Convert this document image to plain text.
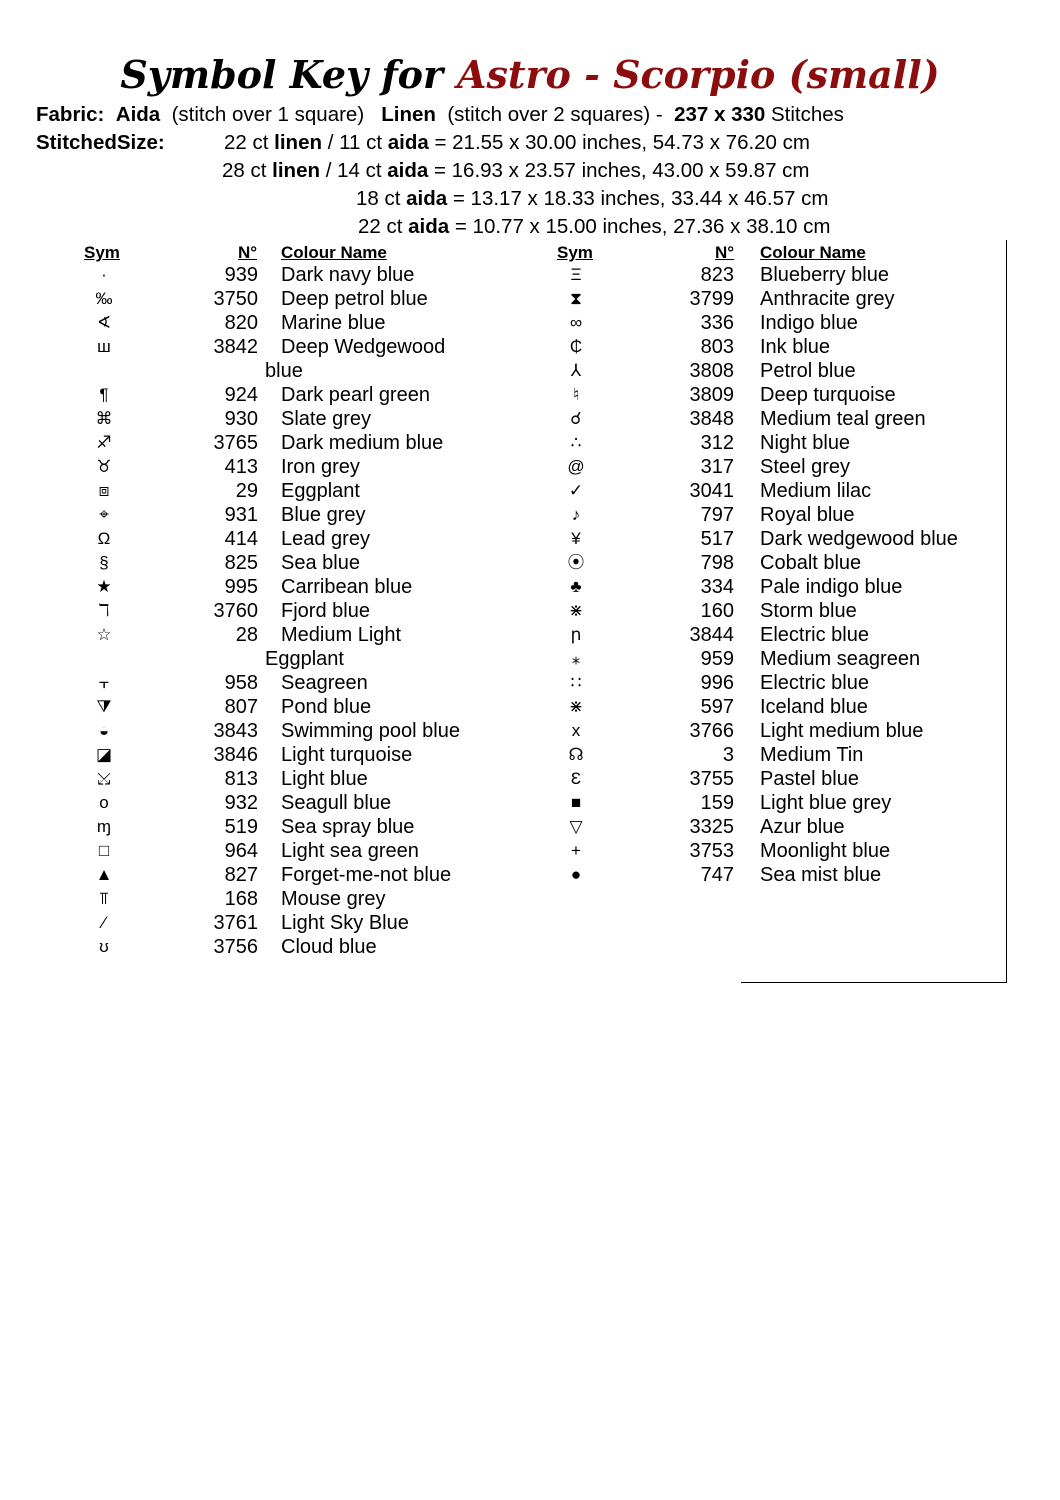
Symbol Key for Astro - Scorpio (small)
Fabric: Aida (stitch over 1 square) Linen (stitch over 2 squares) - 237 x 330 Stitches
StitchedSize:	22 ct linen / 11 ct aida = 21.55 x 30.00 inches, 54.73 x 76.20 cm
28 ct linen / 14 ct aida = 16.93 x 23.57 inches, 43.00 x 59.87 cm
18 ct aida = 13.17 x 18.33 inches, 33.44 x 46.57 cm
22 ct aida = 10.77 x 15.00 inches, 27.36 x 38.10 cm
Sym	N° Colour Name	Sym	N° Colour Name
·	939 Dark navy blue
‰	3750 Deep petrol blue
∢	820 Marine blue
ш	3842 Deep Wedgewood
blue
¶	924 Dark pearl green
⌘	930 Slate grey
♐	3765 Dark medium blue
♉	413 Iron grey
⧈	29 Eggplant
⌖	931 Blue grey
Ω	414 Lead grey
§	825 Sea blue
★	995 Carribean blue
ℸ	3760 Fjord blue
☆	28 Medium Light
Eggplant
⫟	958 Seagreen
⧩	807 Pond blue
◒	3843 Swimming pool blue
◪	3846 Light turquoise
⤩	813 Light blue
o	932 Seagull blue
ɱ	519 Sea spray blue
□	964 Light sea green
▲	827 Forget-me-not blue
⫪	168 Mouse grey
⁄	3761 Light Sky Blue
ʊ	3756 Cloud blue
Ξ	823 Blueberry blue
⧗	3799 Anthracite grey
∞	336 Indigo blue
₵	803 Ink blue
⅄	3808 Petrol blue
♮	3809 Deep turquoise
☌	3848 Medium teal green
∴	312 Night blue
@	317 Steel grey
✓	3041 Medium lilac
♪	797 Royal blue
¥	517 Dark wedgewood blue
⦿	798 Cobalt blue
♣	334 Pale indigo blue
⋇	160 Storm blue
ր	3844 Electric blue
⁎	959 Medium seagreen
∷	996 Electric blue
⋇	597 Iceland blue
x	3766 Light medium blue
☊	3 Medium Tin
Ɛ	3755 Pastel blue
■	159 Light blue grey
▽	3325 Azur blue
+	3753 Moonlight blue
●	747 Sea mist blue
